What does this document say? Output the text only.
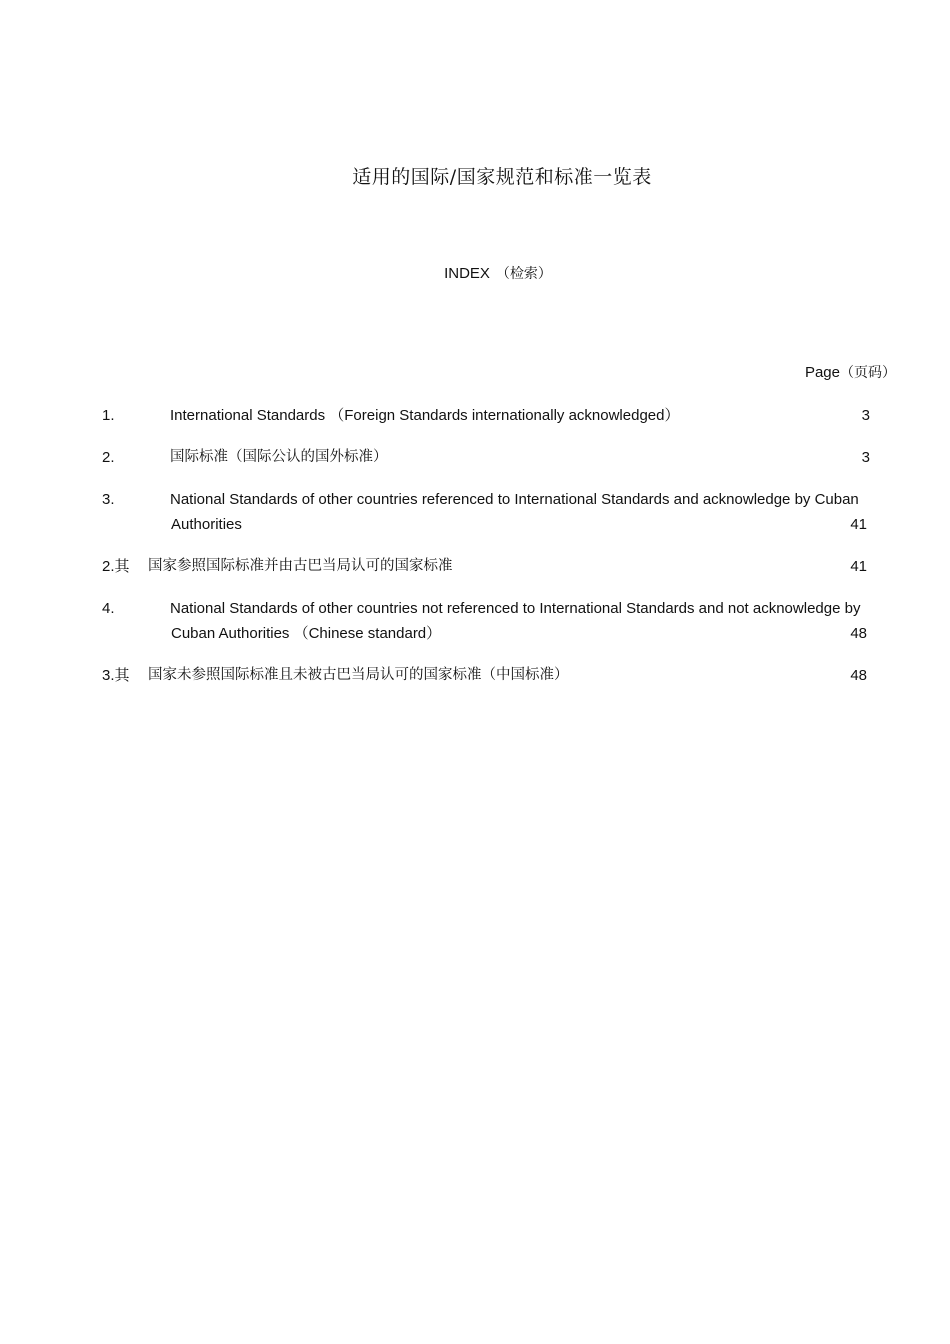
适用的国际/国家规范和标准一览表
INDEX （检索）
Page（页码）
1.	International Standards （Foreign Standards internationally acknowledged）	3
2.	国际标准（国际公认的国外标准）	3
3.	National Standards of other countries referenced to International Standards and acknowledge by Cuban
Authorities	41
2.其 国家参照国际标准并由古巴当局认可的国家标准	41
4.	National Standards of other countries not referenced to International Standards and not acknowledge by
Cuban Authorities （Chinese standard）	48
3.其 国家未参照国际标准且未被古巴当局认可的国家标准（中国标准）	48
